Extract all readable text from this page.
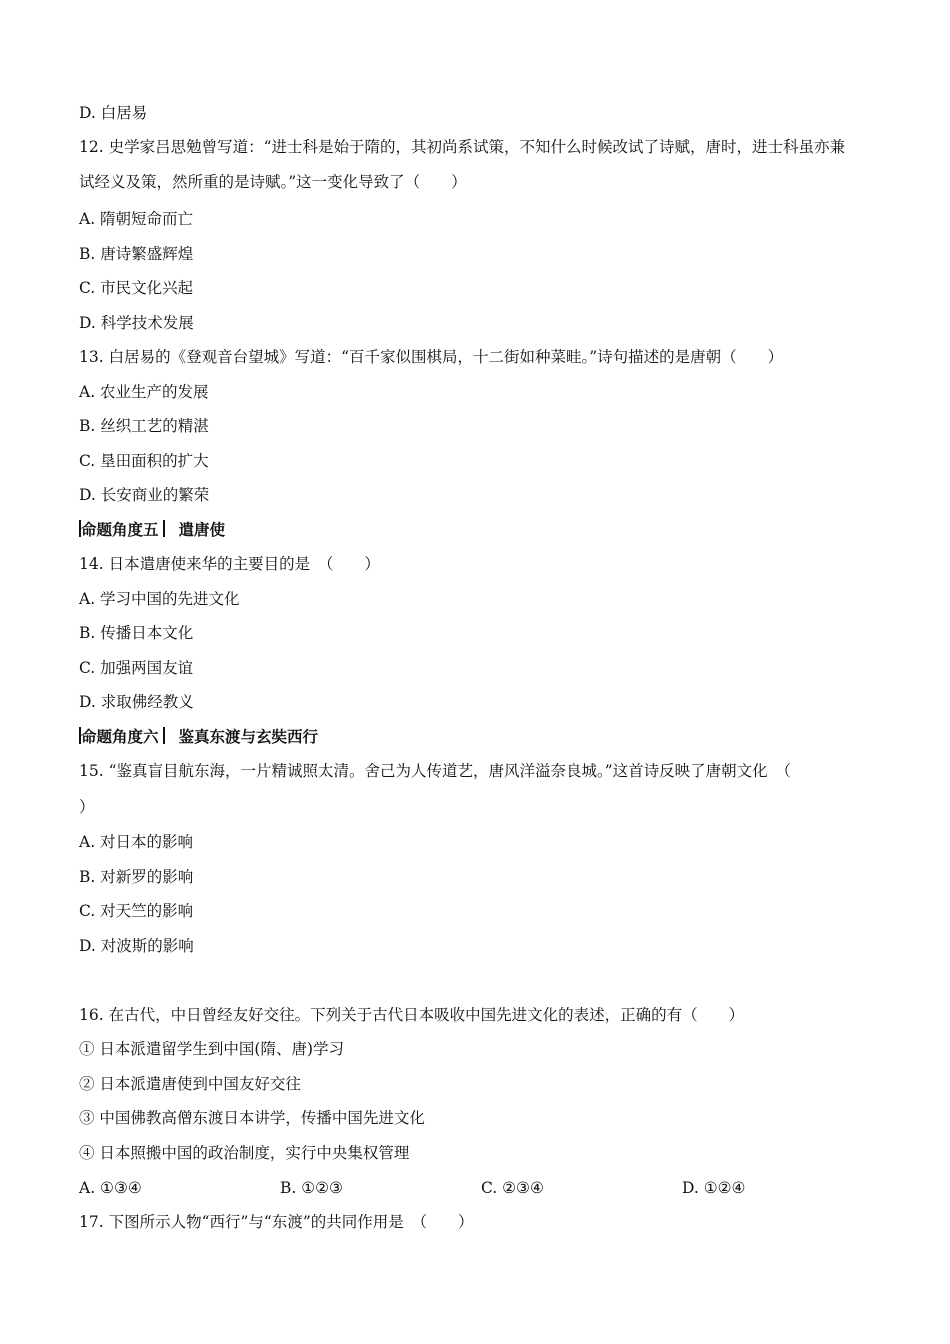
D. 白居易
12. 史学家吕思勉曾写道：“进士科是始于隋的，其初尚系试策，不知什么时候改试了诗赋，唐时，进士科虽亦兼
试经义及策，然所重的是诗赋。”这一变化导致了（　　）
A. 隋朝短命而亡
B. 唐诗繁盛辉煌
C. 市民文化兴起
D. 科学技术发展
13. 白居易的《登观音台望城》写道：“百千家似围棋局，十二街如种菜畦。”诗句描述的是唐朝（　　）
A. 农业生产的发展
B. 丝织工艺的精湛
C. 垦田面积的扩大
D. 长安商业的繁荣
命题角度五 遣唐使
14. 日本遣唐使来华的主要目的是　（　　）
A. 学习中国的先进文化
B. 传播日本文化
C. 加强两国友谊
D. 求取佛经教义
命题角度六 鉴真东渡与玄奘西行
15. “鉴真盲目航东海，一片精诚照太清。舍己为人传道艺，唐风洋溢奈良城。”这首诗反映了唐朝文化　（
）
A. 对日本的影响
B. 对新罗的影响
C. 对天竺的影响
D. 对波斯的影响
16. 在古代，中日曾经友好交往。下列关于古代日本吸收中国先进文化的表述，正确的有（　　）
① 日本派遣留学生到中国(隋、唐)学习
② 日本派遣唐使到中国友好交往
③ 中国佛教高僧东渡日本讲学，传播中国先进文化
④ 日本照搬中国的政治制度，实行中央集权管理
A. ①③④	B. ①②③	C. ②③④	D. ①②④
17. 下图所示人物“西行”与“东渡”的共同作用是　（　　）
